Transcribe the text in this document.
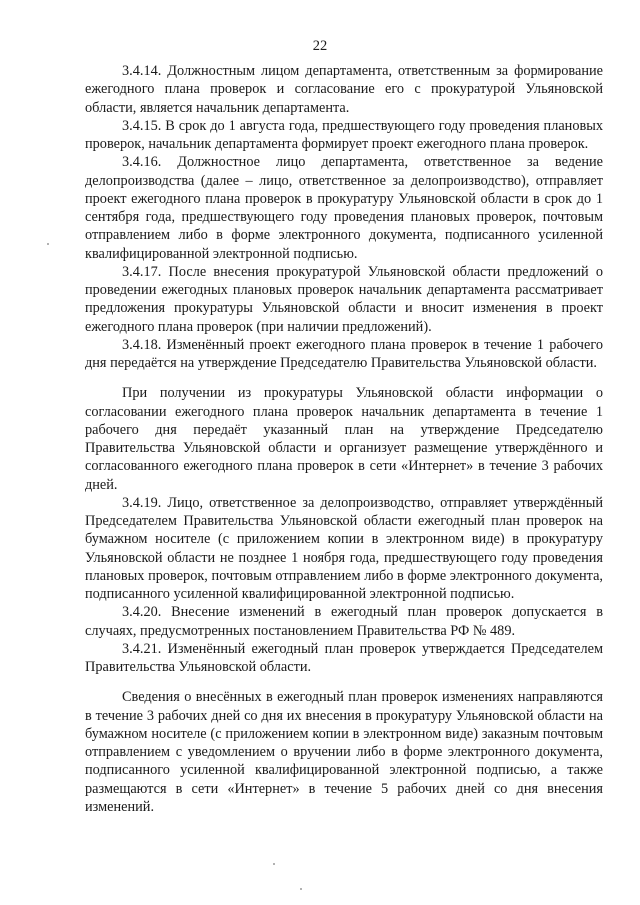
22

3.4.14. Должностным лицом департамента, ответственным за формирование ежегодного плана проверок и согласование его с прокуратурой Ульяновской области, является начальник департамента.

3.4.15. В срок до 1 августа года, предшествующего году проведения плановых проверок, начальник департамента формирует проект ежегодного плана проверок.

3.4.16. Должностное лицо департамента, ответственное за ведение делопроизводства (далее – лицо, ответственное за делопроизводство), отправляет проект ежегодного плана проверок в прокуратуру Ульяновской области в срок до 1 сентября года, предшествующего году проведения плановых проверок, почтовым отправлением либо в форме электронного документа, подписанного усиленной квалифицированной электронной подписью.

3.4.17. После внесения прокуратурой Ульяновской области предложений о проведении ежегодных плановых проверок начальник департамента рассматривает предложения прокуратуры Ульяновской области и вносит изменения в проект ежегодного плана проверок (при наличии предложений).

3.4.18. Изменённый проект ежегодного плана проверок в течение 1 рабочего дня передаётся на утверждение Председателю Правительства Ульяновской области.

При получении из прокуратуры Ульяновской области информации о согласовании ежегодного плана проверок начальник департамента в течение 1 рабочего дня передаёт указанный план на утверждение Председателю Правительства Ульяновской области и организует размещение утверждённого и согласованного ежегодного плана проверок в сети «Интернет» в течение 3 рабочих дней.

3.4.19. Лицо, ответственное за делопроизводство, отправляет утверждённый Председателем Правительства Ульяновской области ежегодный план проверок на бумажном носителе (с приложением копии в электронном виде) в прокуратуру Ульяновской области не позднее 1 ноября года, предшествующего году проведения плановых проверок, почтовым отправлением либо в форме электронного документа, подписанного усиленной квалифицированной электронной подписью.

3.4.20. Внесение изменений в ежегодный план проверок допускается в случаях, предусмотренных постановлением Правительства РФ № 489.

3.4.21. Изменённый ежегодный план проверок утверждается Председателем Правительства Ульяновской области.

Сведения о внесённых в ежегодный план проверок изменениях направляются в течение 3 рабочих дней со дня их внесения в прокуратуру Ульяновской области на бумажном носителе (с приложением копии в электронном виде) заказным почтовым отправлением с уведомлением о вручении либо в форме электронного документа, подписанного усиленной квалифицированной электронной подписью, а также размещаются в сети «Интернет» в течение 5 рабочих дней со дня внесения изменений.
